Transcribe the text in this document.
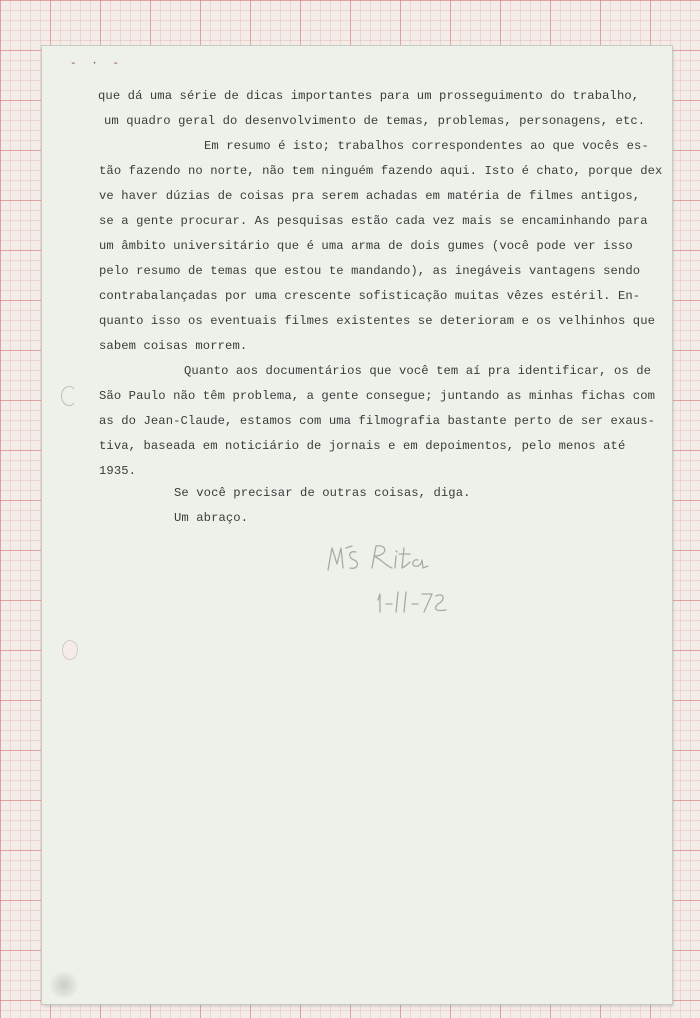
- · -
que dá uma série de dicas importantes para um prosseguimento do trabalho,
um quadro geral do desenvolvimento de temas, problemas, personagens, etc.
Em resumo é isto; trabalhos correspondentes ao que vocês es-
tão fazendo no norte, não tem ninguém fazendo aqui. Isto é chato, porque dex
ve haver dúzias de coisas pra serem achadas em matéria de filmes antigos,
se a gente procurar. As pesquisas estão cada vez mais se encaminhando para
um âmbito universitário que é uma arma de dois gumes (você pode ver isso
pelo resumo de temas que estou te mandando), as inegáveis vantagens sendo
contrabalançadas por uma crescente sofisticação muitas vêzes estéril. En-
quanto isso os eventuais filmes existentes se deterioram e os velhinhos que
sabem coisas morrem.
Quanto aos documentários que você tem aí pra identificar, os de
São Paulo não têm problema, a gente consegue; juntando as minhas fichas com
as do Jean-Claude, estamos com uma filmografia bastante perto de ser exaus-
tiva, baseada em noticiário de jornais e em depoimentos, pelo menos até
1935.
Se você precisar de outras coisas, diga.
Um abraço.
